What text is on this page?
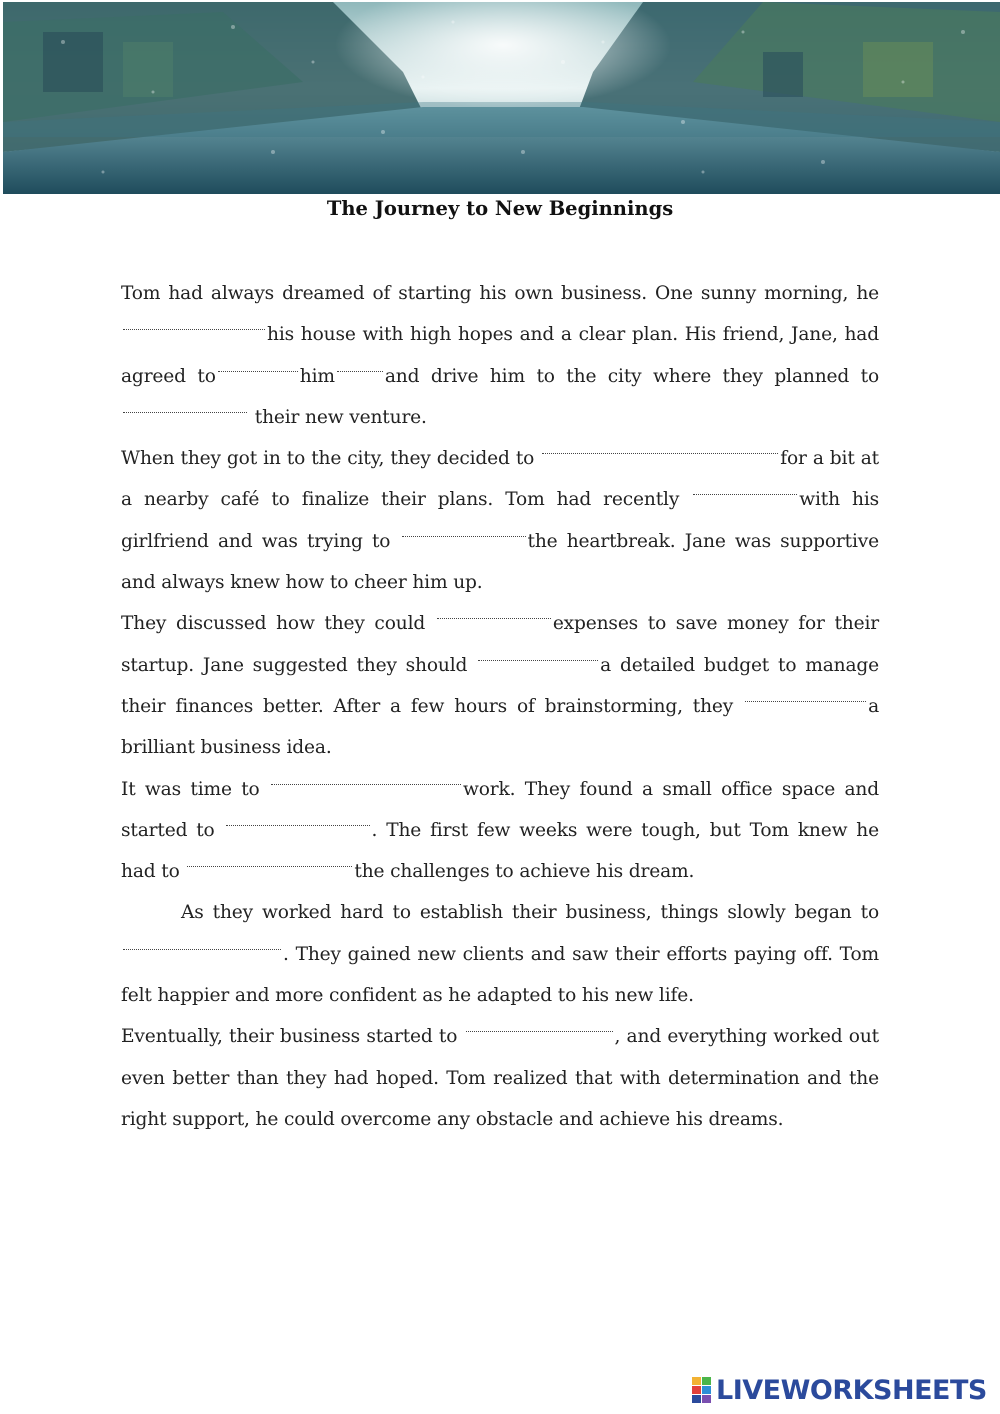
The Journey to New Beginnings

Tom had always dreamed of starting his own business. One sunny morning, he his house with high hopes and a clear plan. His friend, Jane, had agreed to	him	and drive him to the city where they planned to  their new venture.

When they got in to the city, they decided to	for a bit at a nearby café to finalize their plans. Tom had recently	with his girlfriend and was trying to	the heartbreak. Jane was supportive and always knew how to cheer him up.

They discussed how they could	expenses to save money for their startup. Jane suggested they should	a detailed budget to manage their finances better. After a few hours of brainstorming, they	a brilliant business idea.

It was time to	work. They found a small office space and started to	. The first few weeks were tough, but Tom knew he had to	the challenges to achieve his dream.

As they worked hard to establish their business, things slowly began to . They gained new clients and saw their efforts paying off. Tom felt happier and more confident as he adapted to his new life.

Eventually, their business started to	, and everything worked out even better than they had hoped. Tom realized that with determination and the right support, he could overcome any obstacle and achieve his dreams.

LIVEWORKSHEETS
